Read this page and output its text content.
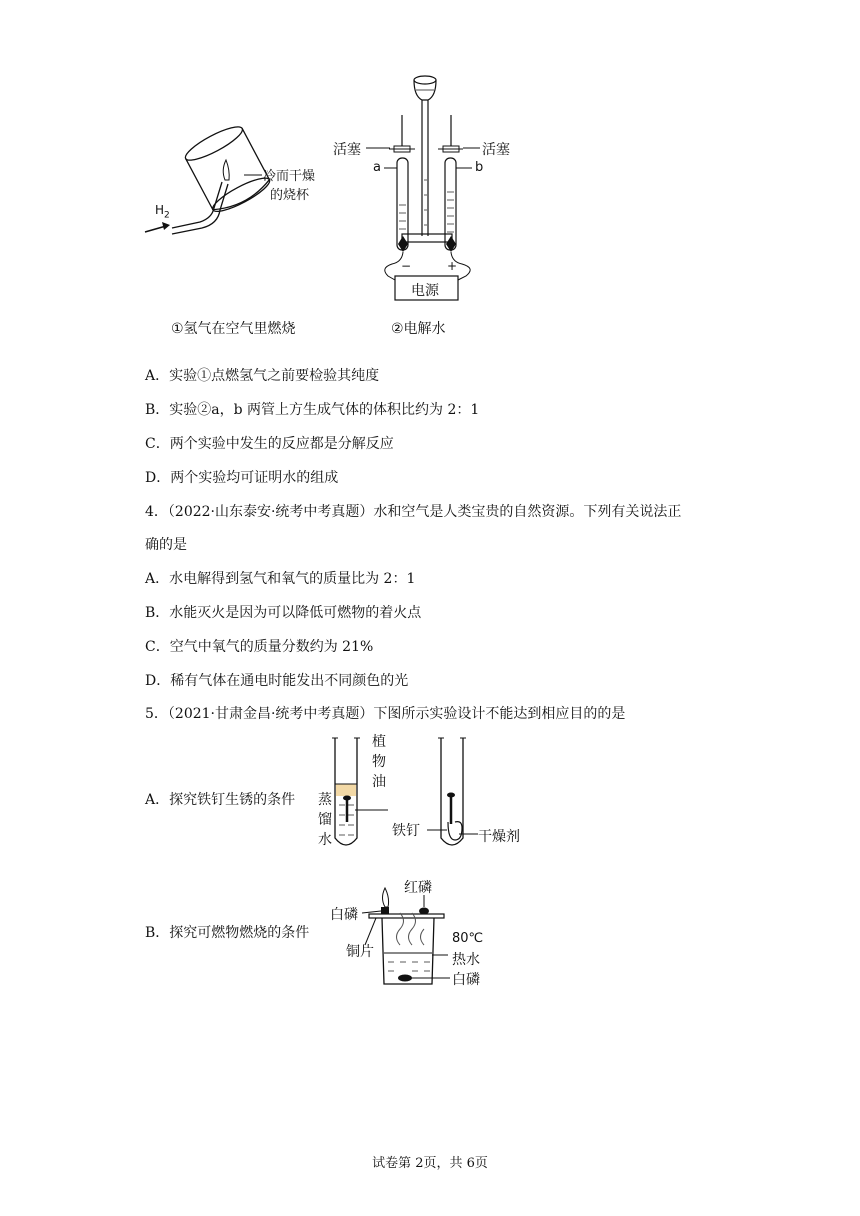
$H_2$
冷而干燥
的烧杯
①氢气在空气里燃烧
活塞	活塞
a	b
−	+
电源
②电解水
A．实验①点燃氢气之前要检验其纯度
B．实验②a，b 两管上方生成气体的体积比约为 2：1
C．两个实验中发生的反应都是分解反应
D．两个实验均可证明水的组成
4．（2022·山东泰安·统考中考真题）水和空气是人类宝贵的自然资源。下列有关说法正
确的是
A．水电解得到氢气和氧气的质量比为 2：1
B．水能灭火是因为可以降低可燃物的着火点
C．空气中氧气的质量分数约为 21%
D．稀有气体在通电时能发出不同颜色的光
5．（2021·甘肃金昌·统考中考真题）下图所示实验设计不能达到相应目的的是
A．探究铁钉生锈的条件
B．探究可燃物燃烧的条件
植
物
油
蒸
馏
水
铁钉	干燥剂
红磷
白磷
铜片
80℃
热水
白磷
试卷第 2页，共 6页
